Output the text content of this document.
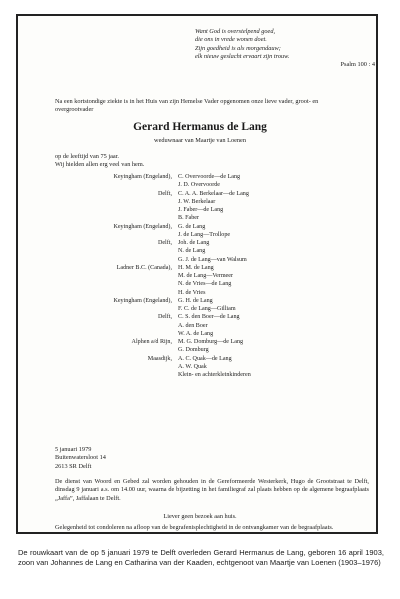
Want God is overstelpend goed,
die ons in vrede wonen doet.
Zijn goedheid is als morgendauw;
elk nieuw geslacht ervaart zijn trouw.
Psalm 100 : 4
Na een kortstondige ziekte is in het Huis van zijn Hemelse Vader opgenomen onze lieve vader, groot- en overgrootvader
Gerard Hermanus de Lang
weduwnaar van Maartje van Loenen
op de leeftijd van 75 jaar.
Wij hielden allen erg veel van hem.
Keyingham (Engeland),
Delft,
Keyingham (Engeland),
Delft,
Ladner B.C. (Canada),
Keyingham (Engeland),
Delft,
Alphen a/d Rijn,
Maasdijk,
C. Overvoorde—de Lang
J. D. Overvoorde
C. A. A. Berkelaar—de Lang
J. W. Berkelaar
J. Faber—de Lang
B. Faber
G. de Lang
J. de Lang—Trollope
Joh. de Lang
N. de Lang
G. J. de Lang—van Walsum
H. M. de Lang
M. de Lang—Vermeer
N. de Vries—de Lang
H. de Vries
G. H. de Lang
F. C. de Lang—Gilliam
C. S. den Boer—de Lang
A. den Boer
W. A. de Lang
M. G. Domburg—de Lang
G. Domburg
A. C. Quak—de Lang
A. W. Quak
Klein- en achterkleinkinderen
5 januari 1979
Buitenwatersloot 14
2613 SR Delft
De dienst van Woord en Gebed zal worden gehouden in de Gereformeerde Westerkerk, Hugo de Grootstraat te Delft, dinsdag 9 januari a.s. om 14.00 uur, waarna de bijzetting in het familiegraf zal plaats hebben op de algemene begraafplaats „Jaffa”, Jaffalaan te Delft.
Liever geen bezoek aan huis.
Gelegenheid tot condoleren na afloop van de begrafenisplechtigheid in de ontvangkamer van de begraafplaats.
De rouwkaart van de op 5 januari 1979 te Delft overleden Gerard Hermanus de Lang, geboren 16 april 1903, zoon van Johannes de Lang en Catharina van der Kaaden, echtgenoot van Maartje van Loenen (1903–1976)
